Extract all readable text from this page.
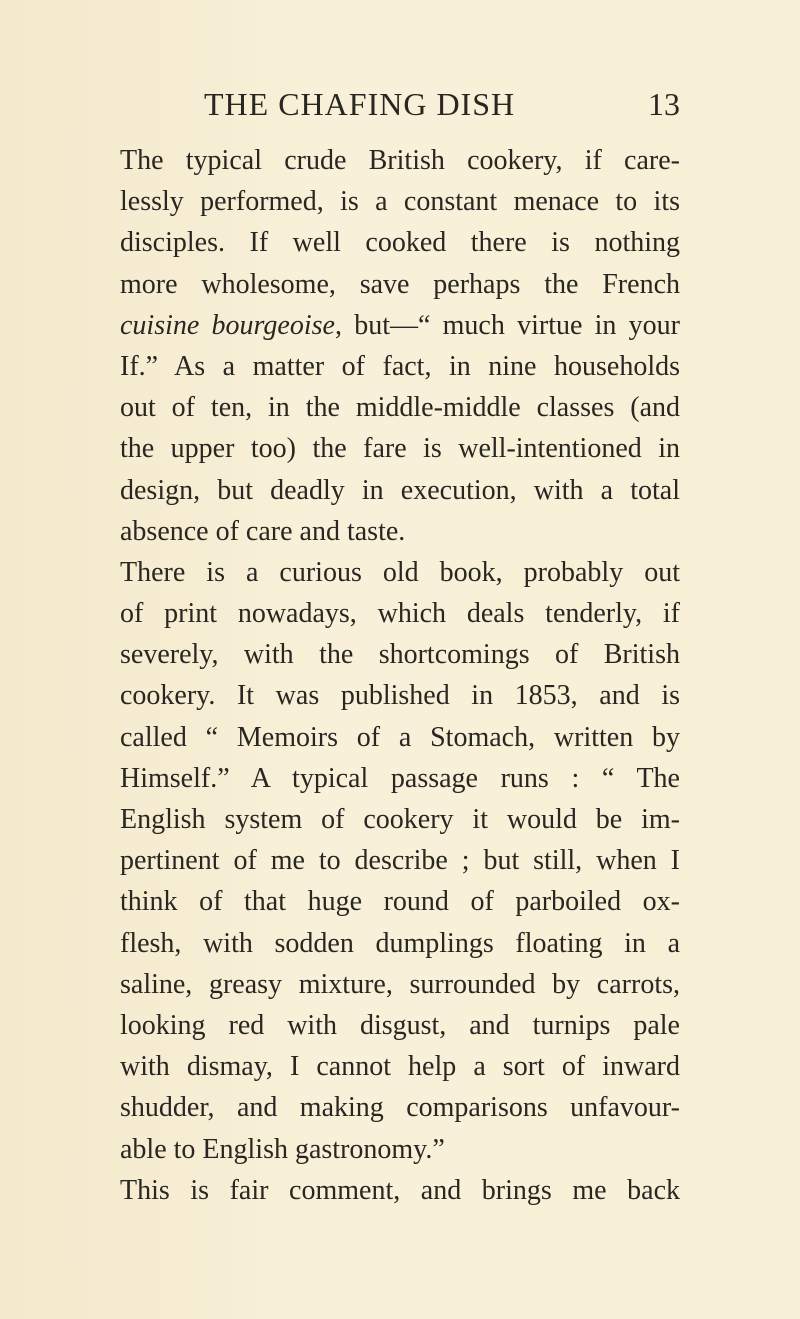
THE CHAFING DISH	13
The typical crude British cookery, if care-
lessly performed, is a constant menace to its
disciples. If well cooked there is nothing
more wholesome, save perhaps the French
cuisine bourgeoise, but—“ much virtue in your
If.” As a matter of fact, in nine households
out of ten, in the middle-middle classes (and
the upper too) the fare is well-intentioned in
design, but deadly in execution, with a total
absence of care and taste.
There is a curious old book, probably out
of print nowadays, which deals tenderly, if
severely, with the shortcomings of British
cookery. It was published in 1853, and is
called “ Memoirs of a Stomach, written by
Himself.” A typical passage runs : “ The
English system of cookery it would be im-
pertinent of me to describe ; but still, when I
think of that huge round of parboiled ox-
flesh, with sodden dumplings floating in a
saline, greasy mixture, surrounded by carrots,
looking red with disgust, and turnips pale
with dismay, I cannot help a sort of inward
shudder, and making comparisons unfavour-
able to English gastronomy.”
This is fair comment, and brings me back
